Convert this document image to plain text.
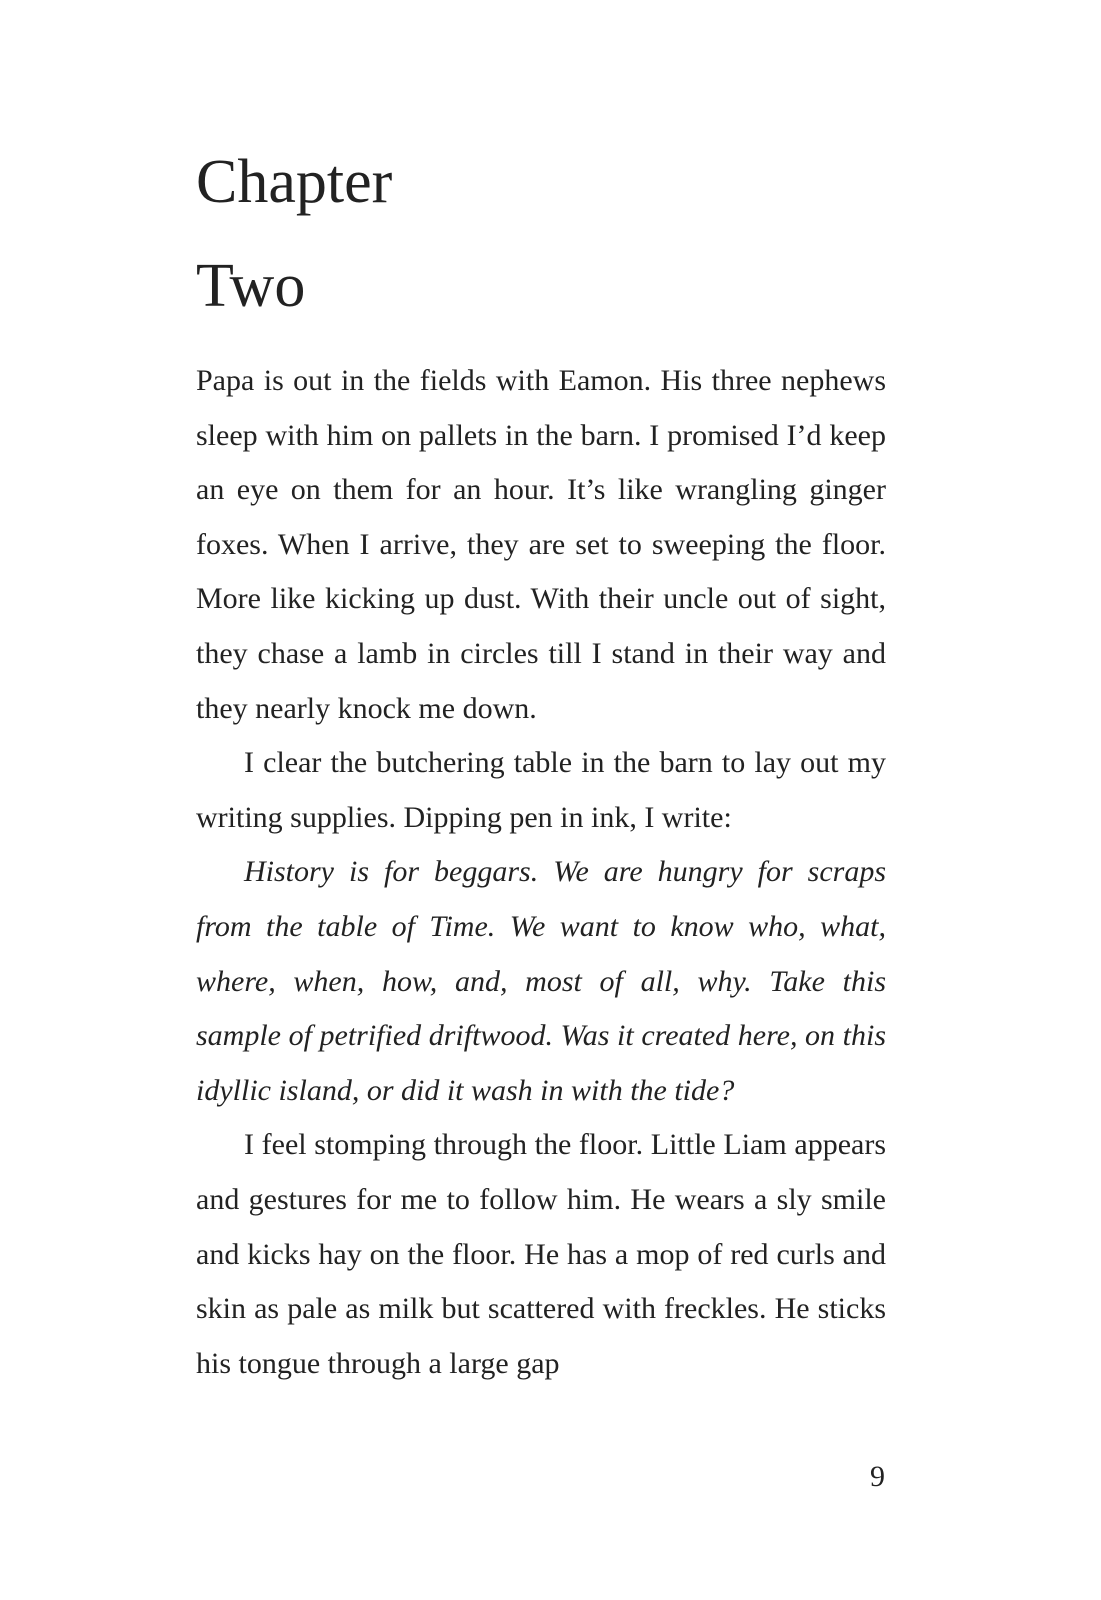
Chapter
Two

Papa is out in the fields with Eamon. His three nephews sleep with him on pallets in the barn. I promised I’d keep an eye on them for an hour. It’s like wrangling ginger foxes. When I arrive, they are set to sweeping the floor. More like kicking up dust. With their uncle out of sight, they chase a lamb in circles till I stand in their way and they nearly knock me down.

I clear the butchering table in the barn to lay out my writing supplies. Dipping pen in ink, I write:

History is for beggars. We are hungry for scraps from the table of Time. We want to know who, what, where, when, how, and, most of all, why. Take this sample of petrified driftwood. Was it created here, on this idyllic island, or did it wash in with the tide?

I feel stomping through the floor. Little Liam appears and gestures for me to follow him. He wears a sly smile and kicks hay on the floor. He has a mop of red curls and skin as pale as milk but scattered with freckles. He sticks his tongue through a large gap

9
